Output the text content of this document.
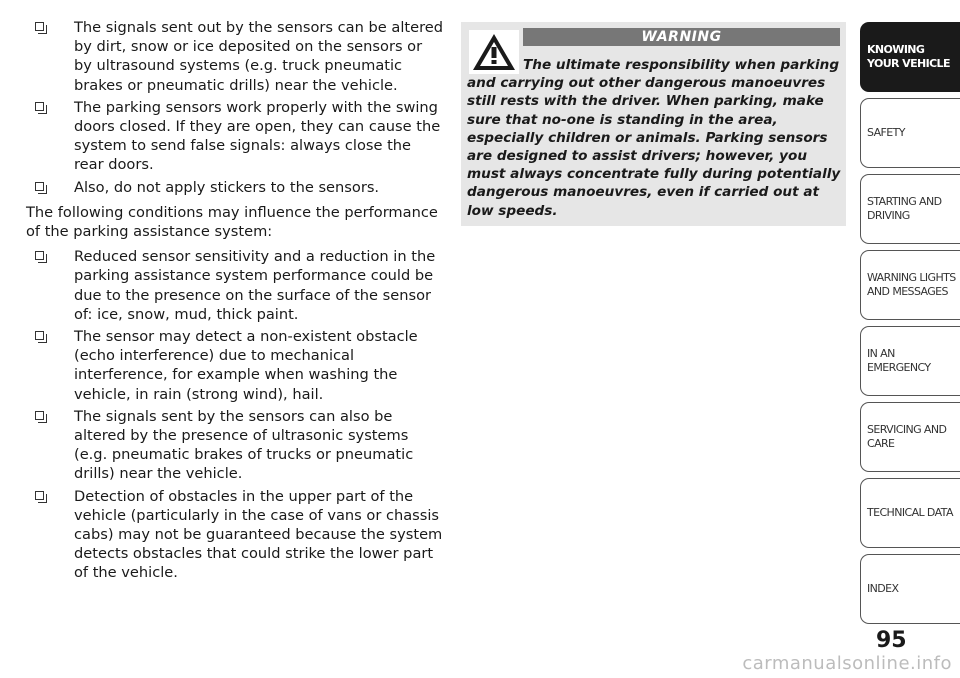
The signals sent out by the sensors can be altered by dirt, snow or ice deposited on the sensors or by ultrasound systems (e.g. truck pneumatic brakes or pneumatic drills) near the vehicle.
The parking sensors work properly with the swing doors closed. If they are open, they can cause the system to send false signals: always close the rear doors.
Also, do not apply stickers to the sensors.

The following conditions may influence the performance of the parking assistance system:

Reduced sensor sensitivity and a reduction in the parking assistance system performance could be due to the presence on the surface of the sensor of: ice, snow, mud, thick paint.
The sensor may detect a non-existent obstacle (echo interference) due to mechanical interference, for example when washing the vehicle, in rain (strong wind), hail.
The signals sent by the sensors can also be altered by the presence of ultrasonic systems (e.g. pneumatic brakes of trucks or pneumatic drills) near the vehicle.
Detection of obstacles in the upper part of the vehicle (particularly in the case of vans or chassis cabs) may not be guaranteed because the system detects obstacles that could strike the lower part of the vehicle.
WARNING
The ultimate responsibility when parking and carrying out other dangerous manoeuvres still rests with the driver. When parking, make sure that no-one is standing in the area, especially children or animals. Parking sensors are designed to assist drivers; however, you must always concentrate fully during potentially dangerous manoeuvres, even if carried out at low speeds.
KNOWING YOUR VEHICLE
SAFETY
STARTING AND DRIVING
WARNING LIGHTS AND MESSAGES
IN AN EMERGENCY
SERVICING AND CARE
TECHNICAL DATA
INDEX
95
carmanualsonline.info
